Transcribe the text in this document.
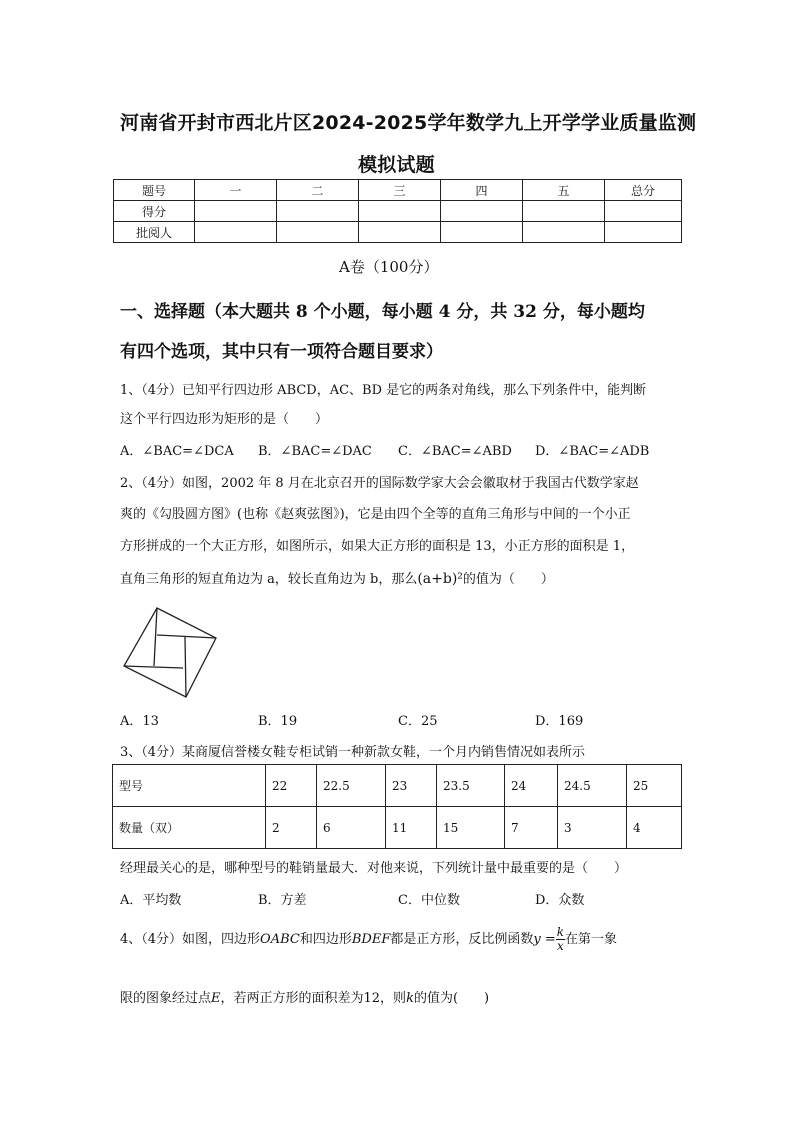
河南省开封市西北片区2024-2025学年数学九上开学学业质量监测
模拟试题
题号	一	二	三	四	五	总分
得分						
批阅人						
A卷（100分）
一、选择题（本大题共 8 个小题，每小题 4 分，共 32 分，每小题均
有四个选项，其中只有一项符合题目要求）
1、（4分）已知平行四边形 ABCD，AC、BD 是它的两条对角线，那么下列条件中，能判断
这个平行四边形为矩形的是（　　）
A．∠BAC=∠DCA B．∠BAC=∠DAC C．∠BAC=∠ABD D．∠BAC=∠ADB
2、（4分）如图，2002 年 8 月在北京召开的国际数学家大会会徽取材于我国古代数学家赵
爽的《勾股圆方图》(也称《赵爽弦图》)，它是由四个全等的直角三角形与中间的一个小正
方形拼成的一个大正方形，如图所示，如果大正方形的面积是 13，小正方形的面积是 1，
直角三角形的短直角边为 a，较长直角边为 b，那么(a+b)²的值为（　　）
A．13	B．19	C．25	D．169
3、（4分）某商厦信誉楼女鞋专柜试销一种新款女鞋，一个月内销售情况如表所示
型号	22	22.5	23	23.5	24	24.5	25
数量（双）	2	6	11	15	7	3	4
经理最关心的是，哪种型号的鞋销量最大．对他来说，下列统计量中最重要的是（　　）
A．平均数	B．方差	C．中位数	D．众数
4、（4分）如图，四边形OABC和四边形BDEF都是正方形，反比例函数$y = \frac{k}{x}$ 在第一象
限的图象经过点E，若两正方形的面积差为12，则k的值为(　　)
